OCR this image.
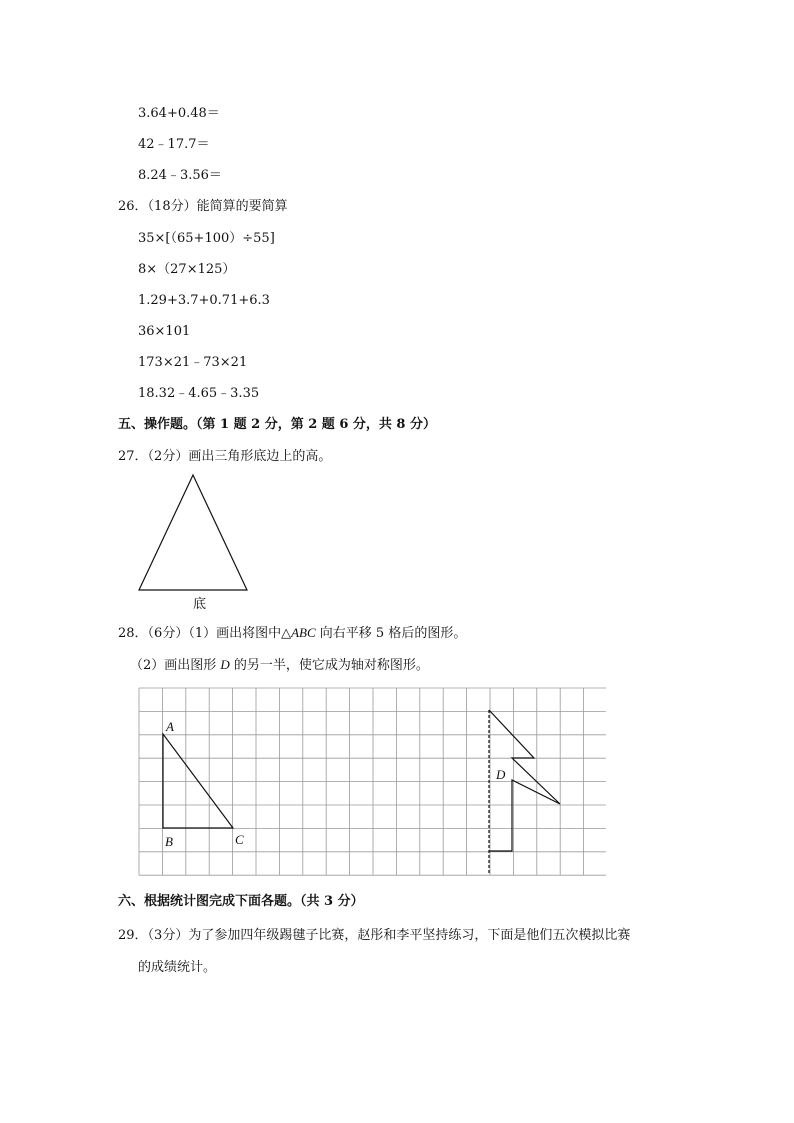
3.64+0.48＝
42﹣17.7＝
8.24﹣3.56＝
26．（18分）能简算的要简算
35×[（65+100）÷55]
8×（27×125）
1.29+3.7+0.71+6.3
36×101
173×21﹣73×21
18.32﹣4.65﹣3.35
五、操作题。（第 1 题 2 分，第 2 题 6 分，共 8 分）
27．（2分）画出三角形底边上的高。
底
28．（6分）（1）画出将图中△ABC 向右平移 5 格后的图形。
（2）画出图形 D 的另一半，使它成为轴对称图形。
A
B	C
D
六、根据统计图完成下面各题。（共 3 分）
29．（3分）为了参加四年级踢毽子比赛，赵彤和李平坚持练习，下面是他们五次模拟比赛
的成绩统计。
